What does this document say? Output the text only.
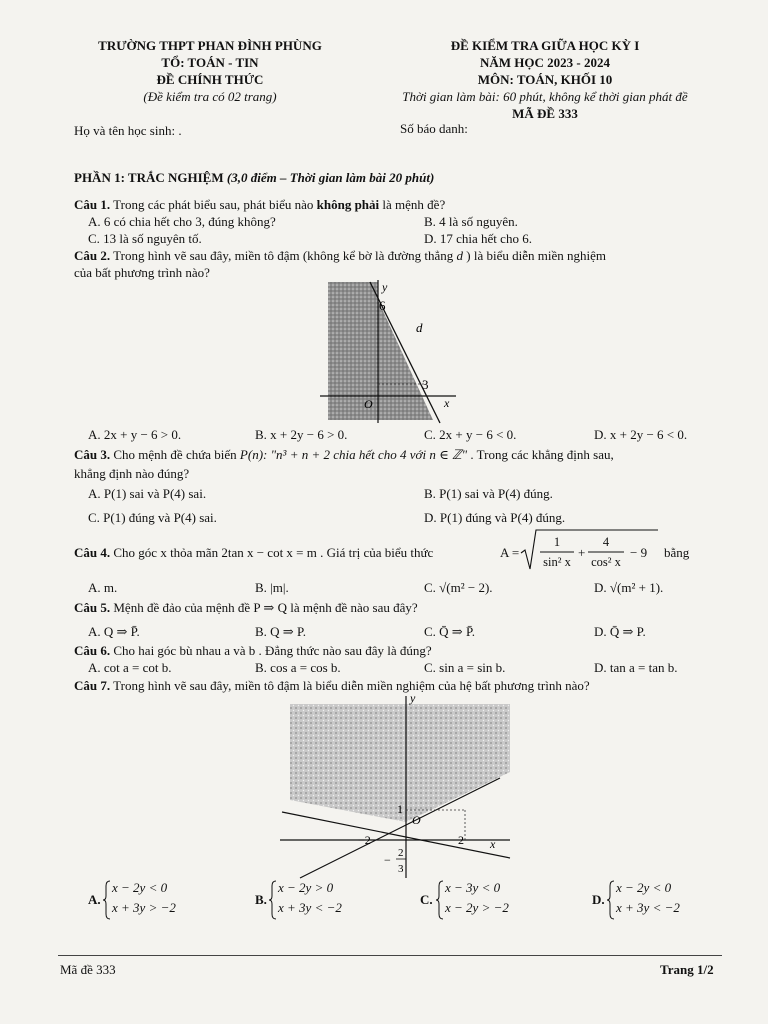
TRƯỜNG THPT PHAN ĐÌNH PHÙNG
TỔ: TOÁN - TIN
ĐỀ CHÍNH THỨC
(Đề kiểm tra có 02 trang)
ĐỀ KIỂM TRA GIỮA HỌC KỲ I
NĂM HỌC 2023 - 2024
MÔN: TOÁN, KHỐI 10
Thời gian làm bài: 60 phút, không kể thời gian phát đề
MÃ ĐỀ 333
Họ và tên học sinh: .	Số báo danh:
PHẦN 1: TRẮC NGHIỆM (3,0 điểm – Thời gian làm bài 20 phút)
Câu 1. Trong các phát biểu sau, phát biểu nào không phải là mệnh đề?
A. 6 có chia hết cho 3, đúng không?	B. 4 là số nguyên.
C. 13 là số nguyên tố.	D. 17 chia hết cho 6.
Câu 2. Trong hình vẽ sau đây, miền tô đậm (không kể bờ là đường thẳng d ) là biểu diễn miền nghiệm
của bất phương trình nào?
y
6
d
3
O	x
A. 2x + y − 6 > 0.	B. x + 2y − 6 > 0.	C. 2x + y − 6 < 0.	D. x + 2y − 6 < 0.
Câu 3. Cho mệnh đề chứa biến P(n): "n³ + n + 2 chia hết cho 4 với n ∈ ℤ" . Trong các khẳng định sau,
khẳng định nào đúng?
A. P(1) sai và P(4) sai.	B. P(1) sai và P(4) đúng.
C. P(1) đúng và P(4) sai.	D. P(1) đúng và P(4) đúng.
Câu 4. Cho góc x thỏa mãn 2tan x − cot x = m . Giá trị của biểu thức	A =
1
sin² x
+
4
cos² x
− 9 bằng
A. m.	B. |m|.	C. √(m² − 2).	D. √(m² + 1).
Câu 5. Mệnh đề đảo của mệnh đề P ⇒ Q là mệnh đề nào sau đây?
A. Q ⇒ P̄.	B. Q ⇒ P.	C. Q̄ ⇒ P̄.	D. Q̄ ⇒ P.
Câu 6. Cho hai góc bù nhau a và b . Đẳng thức nào sau đây là đúng?
A. cot a = cot b.	B. cos a = cos b.	C. sin a = sin b.	D. tan a = tan b.
Câu 7. Trong hình vẽ sau đây, miền tô đậm là biểu diễn miền nghiệm của hệ bất phương trình nào?
y
1
O
−2	2 x
− 2
3
A.
x − 2y < 0
x + 3y > −2
B.
x − 2y > 0
x + 3y < −2
C.
x − 3y < 0
x − 2y > −2
D.
x − 2y < 0
x + 3y < −2
Mã đề 333	Trang 1/2
